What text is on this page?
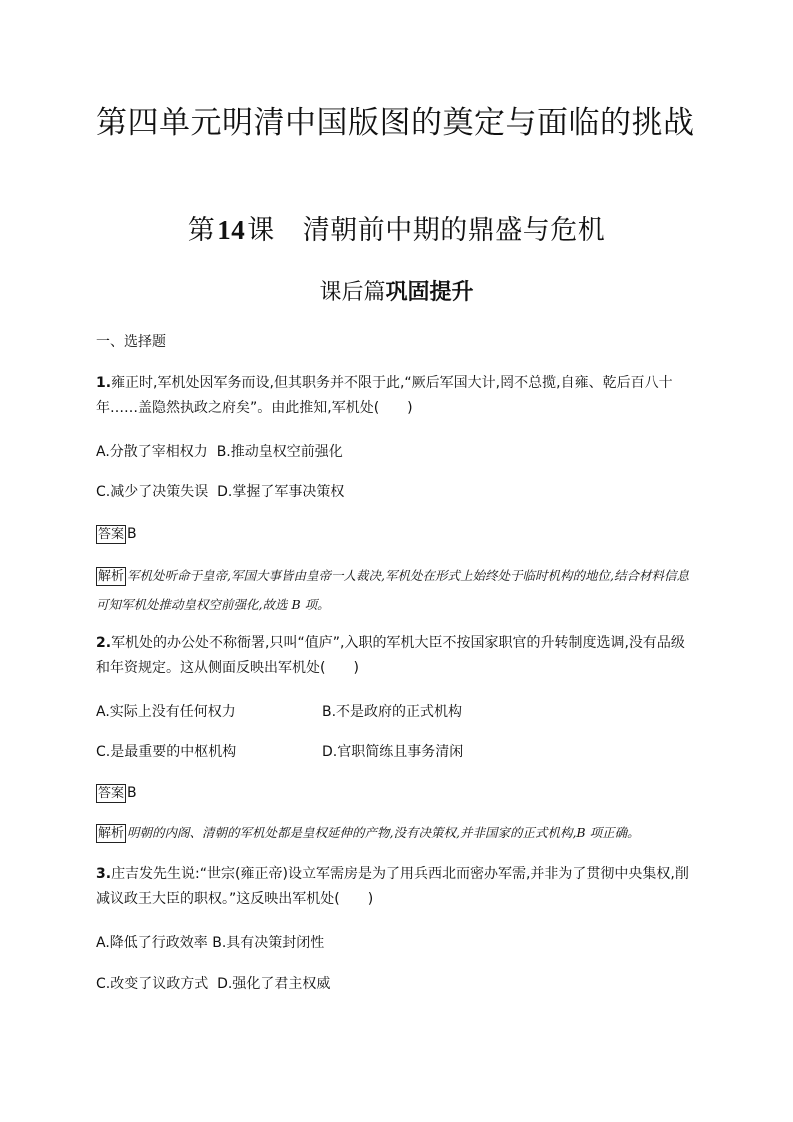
第四单元明清中国版图的奠定与面临的挑战
第14课 清朝前中期的鼎盛与危机
课后篇巩固提升
一、选择题
1.雍正时,军机处因军务而设,但其职务并不限于此,“厥后军国大计,罔不总揽,自雍、乾后百八十年……盖隐然执政之府矣”。由此推知,军机处(　　)
A.分散了宰相权力 B.推动皇权空前强化
C.减少了决策失误 D.掌握了军事决策权
答案 B
解析 军机处听命于皇帝,军国大事皆由皇帝一人裁决,军机处在形式上始终处于临时机构的地位,结合材料信息可知军机处推动皇权空前强化,故选 B 项。
2.军机处的办公处不称衙署,只叫“值庐”,入职的军机大臣不按国家职官的升转制度选调,没有品级和年资规定。这从侧面反映出军机处(　　)
A.实际上没有任何权力	B.不是政府的正式机构
C.是最重要的中枢机构	D.官职简练且事务清闲
答案 B
解析 明朝的内阁、清朝的军机处都是皇权延伸的产物,没有决策权,并非国家的正式机构,B 项正确。
3.庄吉发先生说:“世宗(雍正帝)设立军需房是为了用兵西北而密办军需,并非为了贯彻中央集权,削减议政王大臣的职权。”这反映出军机处(　　)
A.降低了行政效率 B.具有决策封闭性
C.改变了议政方式 D.强化了君主权威
